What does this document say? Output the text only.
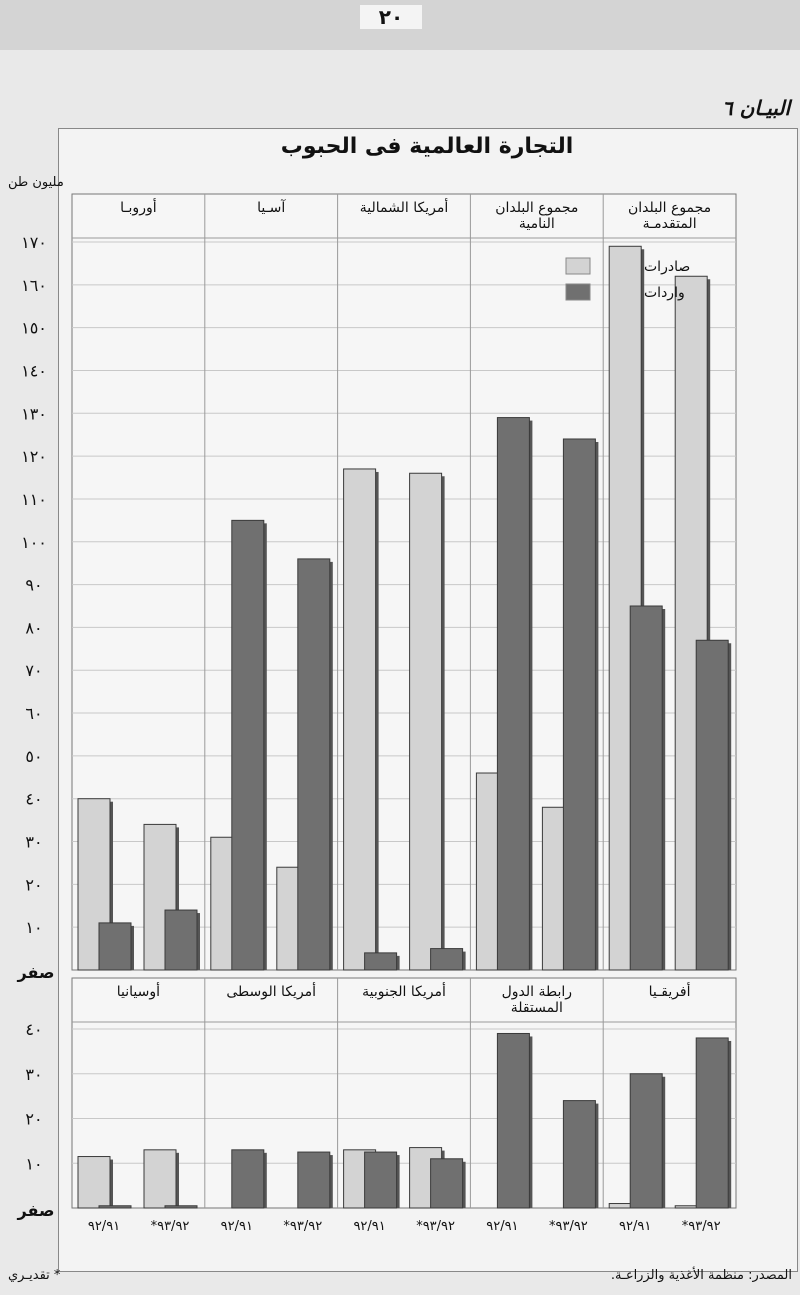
٢٠
البيـان ٦
التجارة العالمية فى الحبوب
مليون طن
١٠
٢٠
٣٠
٤٠
٥٠
٦٠
٧٠
٨٠
٩٠
١٠٠
١١٠
١٢٠
١٣٠
١٤٠
١٥٠
١٦٠
١٧٠
صفر
مجموع البلدان
المتقدمـة
مجموع البلدان
النامية
أمريكا الشمالية
آسـيا
أوروبـا
١٠
٢٠
٣٠
٤٠
صفر
أفريقـيا
رابطة الدول
المستقلة
أمريكا الجنوبية
أمريكا الوسطى
أوسيانيا
صادرات
واردات
٩٢/٩١ *٩٣/٩٢
٩٢/٩١ *٩٣/٩٢
٩٢/٩١ *٩٣/٩٢
٩٢/٩١ *٩٣/٩٢
٩٢/٩١ *٩٣/٩٢
المصدر: منظمة الأغذية والزراعـة.
* تقديـري
